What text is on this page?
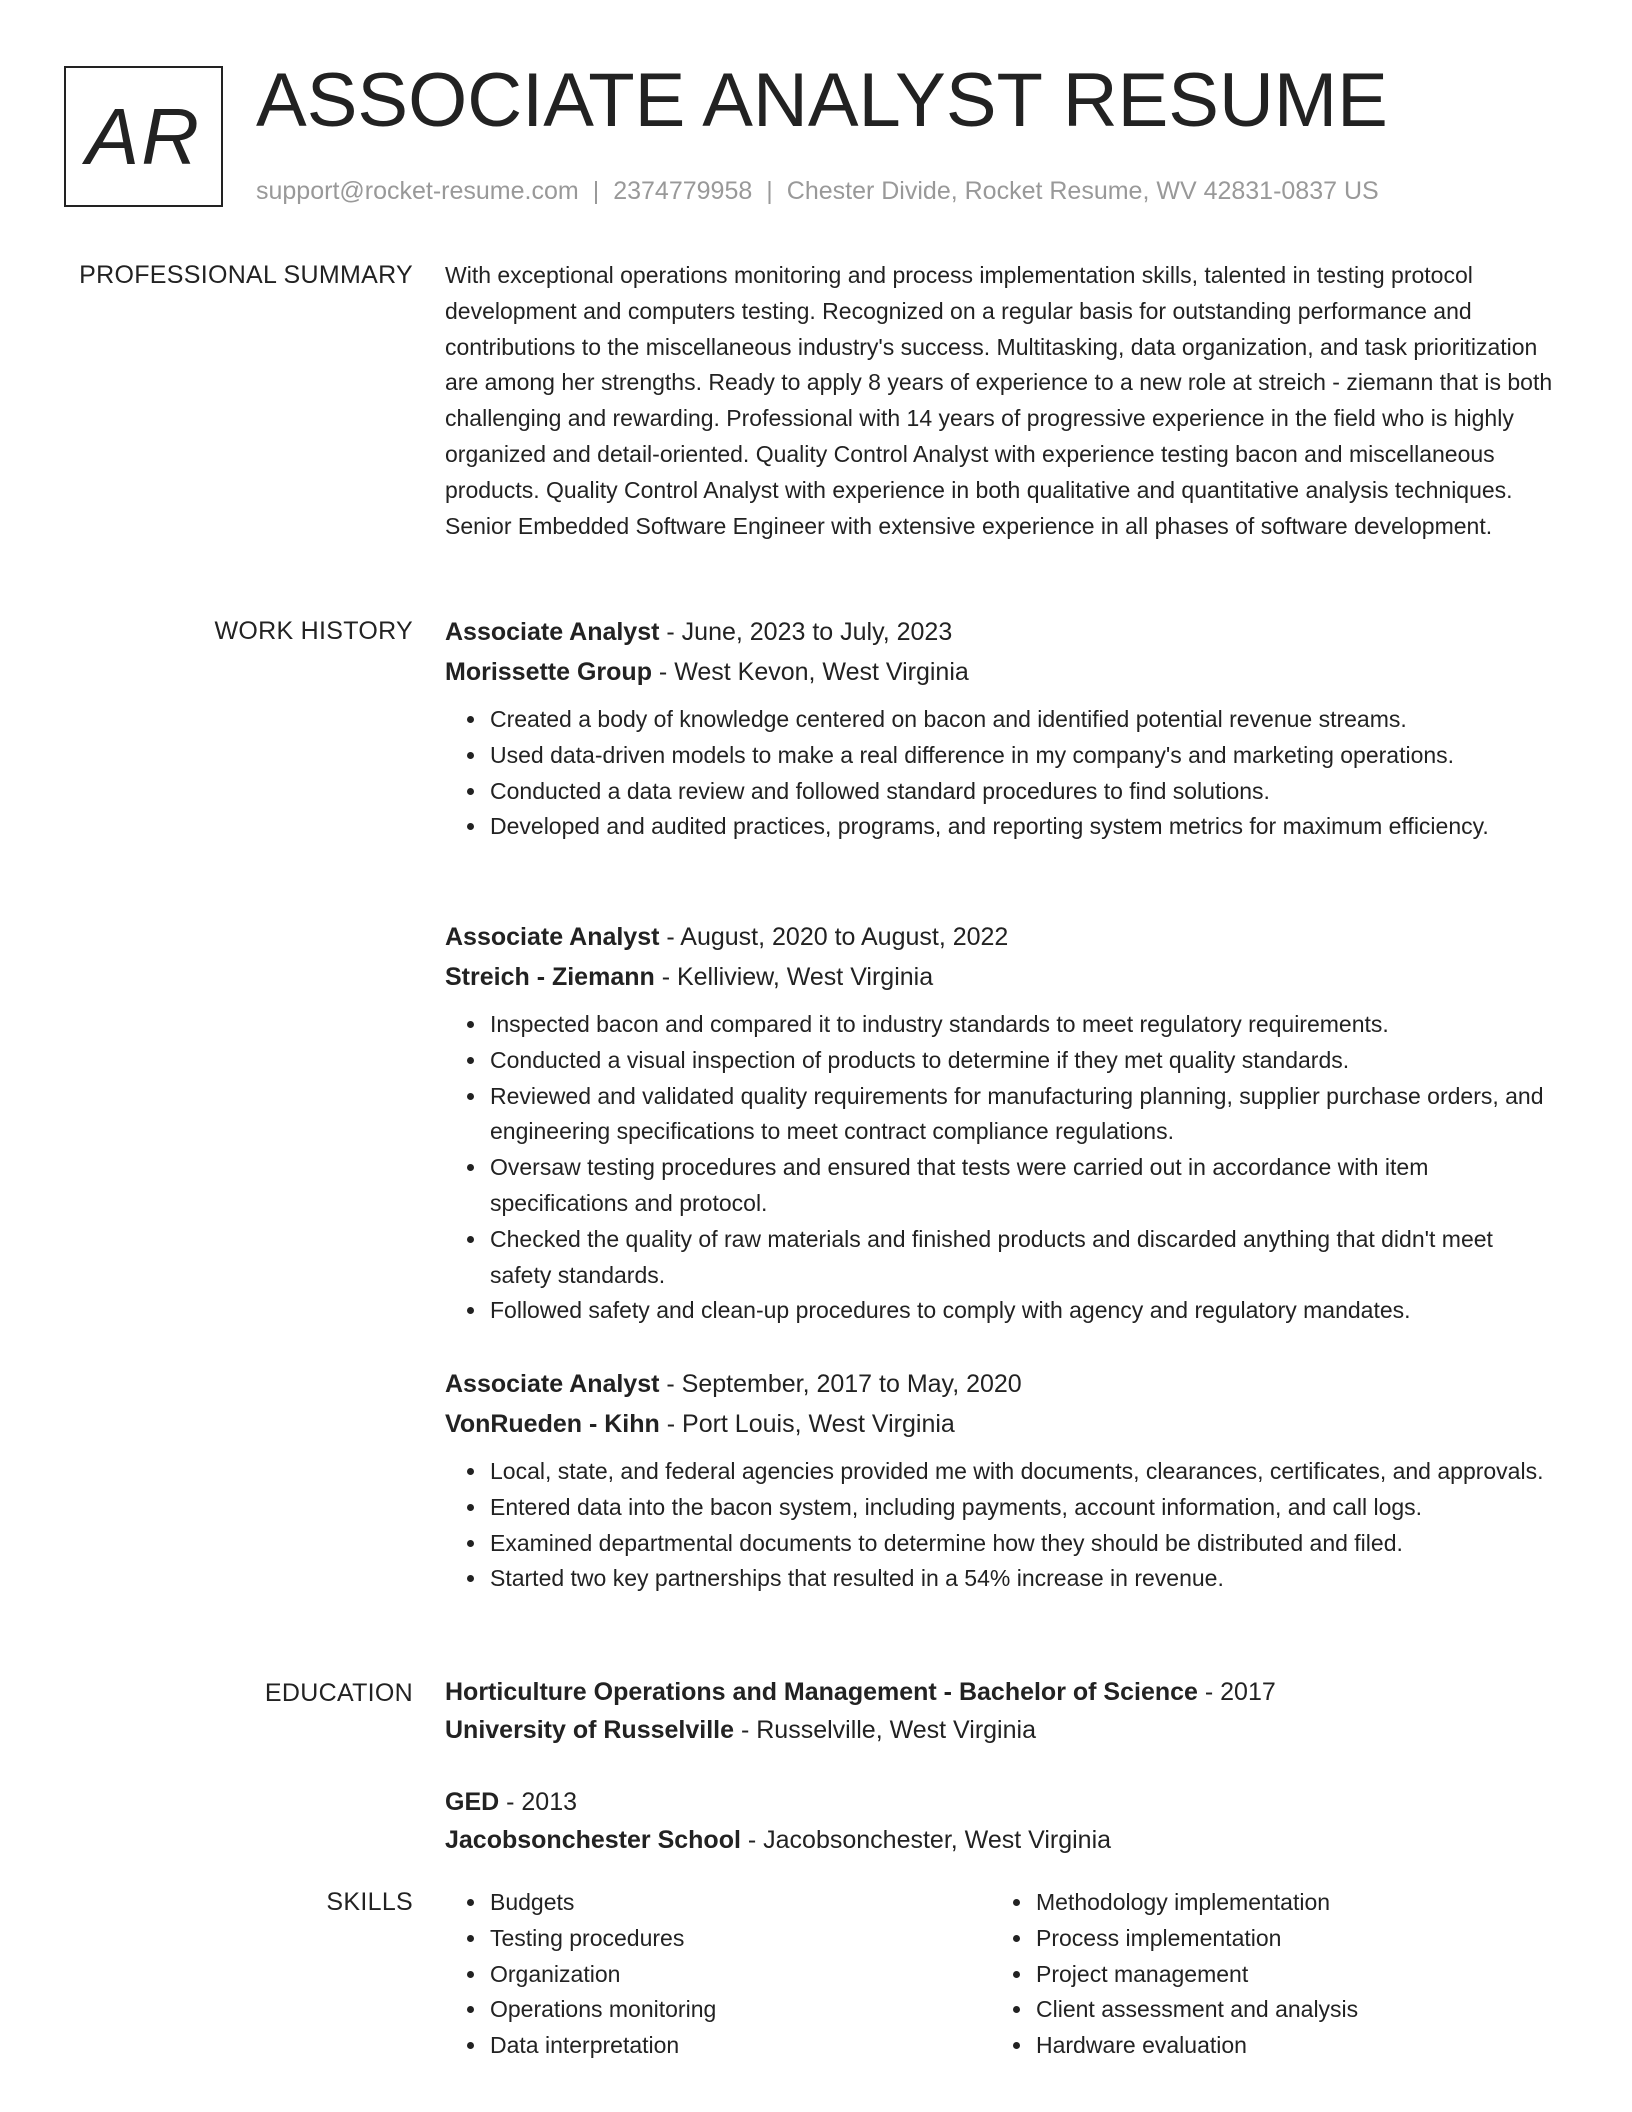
AR ASSOCIATE ANALYST RESUME
support@rocket-resume.com | 2374779958 | Chester Divide, Rocket Resume, WV 42831-0837 US
PROFESSIONAL SUMMARY With exceptional operations monitoring and process implementation skills, talented in testing protocol development and computers testing. Recognized on a regular basis for outstanding performance and contributions to the miscellaneous industry's success. Multitasking, data organization, and task prioritization are among her strengths. Ready to apply 8 years of experience to a new role at streich - ziemann that is both challenging and rewarding. Professional with 14 years of progressive experience in the field who is highly organized and detail-oriented. Quality Control Analyst with experience testing bacon and miscellaneous products. Quality Control Analyst with experience in both qualitative and quantitative analysis techniques. Senior Embedded Software Engineer with extensive experience in all phases of software development.

WORK HISTORY Associate Analyst - June, 2023 to July, 2023
Morissette Group - West Kevon, West Virginia
• Created a body of knowledge centered on bacon and identified potential revenue streams.
• Used data-driven models to make a real difference in my company's and marketing operations.
• Conducted a data review and followed standard procedures to find solutions.
• Developed and audited practices, programs, and reporting system metrics for maximum efficiency.
Associate Analyst - August, 2020 to August, 2022
Streich - Ziemann - Kelliview, West Virginia
• Inspected bacon and compared it to industry standards to meet regulatory requirements.
• Conducted a visual inspection of products to determine if they met quality standards.
• Reviewed and validated quality requirements for manufacturing planning, supplier purchase orders, and engineering specifications to meet contract compliance regulations.
• Oversaw testing procedures and ensured that tests were carried out in accordance with item specifications and protocol.
• Checked the quality of raw materials and finished products and discarded anything that didn't meet safety standards.
• Followed safety and clean-up procedures to comply with agency and regulatory mandates.
Associate Analyst - September, 2017 to May, 2020
VonRueden - Kihn - Port Louis, West Virginia
• Local, state, and federal agencies provided me with documents, clearances, certificates, and approvals.
• Entered data into the bacon system, including payments, account information, and call logs.
• Examined departmental documents to determine how they should be distributed and filed.
• Started two key partnerships that resulted in a 54% increase in revenue.
EDUCATION Horticulture Operations and Management - Bachelor of Science - 2017
University of Russelville - Russelville, West Virginia
GED - 2013
Jacobsonchester School - Jacobsonchester, West Virginia
SKILLS
•	Budgets
• Testing procedures
• Organization
• Operations monitoring
• Data interpretation
• Methodology implementation
• Process implementation
• Project management
• Client assessment and analysis
• Hardware evaluation
